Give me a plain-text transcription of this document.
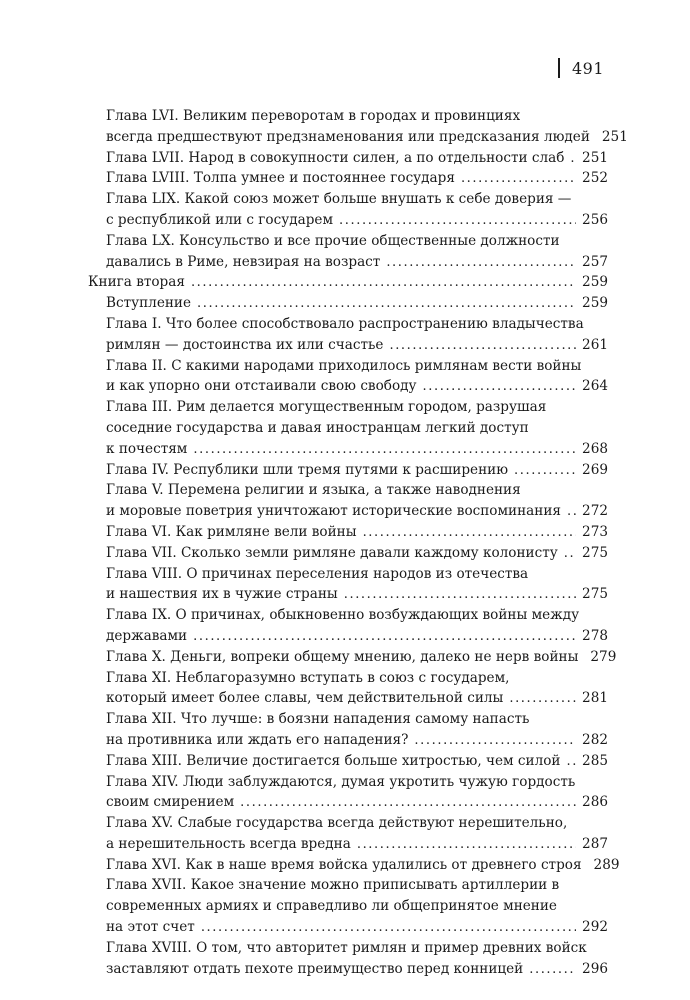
491
Глава LVI. Великим переворотам в городах и провинциях
всегда предшествуют предзнаменования или предсказания людей 251
Глава LVII. Народ в совокупности силен, а по отдельности слаб ..... 251
Глава LVIII. Толпа умнее и постояннее государя .....	252
Глава LIX. Какой союз может больше внушать к себе доверия —
с республикой или с государем .....	256
Глава LX. Консульство и все прочие общественные должности
давались в Риме, невзирая на возраст .....	257
Книга вторая .....	259
Вступление .....	259
Глава I. Что более способствовало распространению владычества
римлян — достоинства их или счастье .....	261
Глава II. С какими народами приходилось римлянам вести войны
и как упорно они отстаивали свою свободу .....	264
Глава III. Рим делается могущественным городом, разрушая
соседние государства и давая иностранцам легкий доступ
к почестям .....	268
Глава IV. Республики шли тремя путями к расширению .....	269
Глава V. Перемена религии и языка, а также наводнения
и моровые поветрия уничтожают исторические воспоминания ..... 272
Глава VI. Как римляне вели войны .....	273
Глава VII. Сколько земли римляне давали каждому колонисту ..... 275
Глава VIII. О причинах переселения народов из отечества
и нашествия их в чужие страны .....	275
Глава IX. О причинах, обыкновенно возбуждающих войны между
державами .....	278
Глава X. Деньги, вопреки общему мнению, далеко не нерв войны 279
Глава XI. Неблагоразумно вступать в союз с государем,
который имеет более славы, чем действительной силы .....	281
Глава XII. Что лучше: в боязни нападения самому напасть
на противника или ждать его нападения? .....	282
Глава XIII. Величие достигается больше хитростью, чем силой ..... 285
Глава XIV. Люди заблуждаются, думая укротить чужую гордость
своим смирением .....	286
Глава XV. Слабые государства всегда действуют нерешительно,
а нерешительность всегда вредна .....	287
Глава XVI. Как в наше время войска удалились от древнего строя 289
Глава XVII. Какое значение можно приписывать артиллерии в
современных армиях и справедливо ли общепринятое мнение
на этот счет .....	292
Глава XVIII. О том, что авторитет римлян и пример древних войск
заставляют отдать пехоте преимущество перед конницей .....	296
